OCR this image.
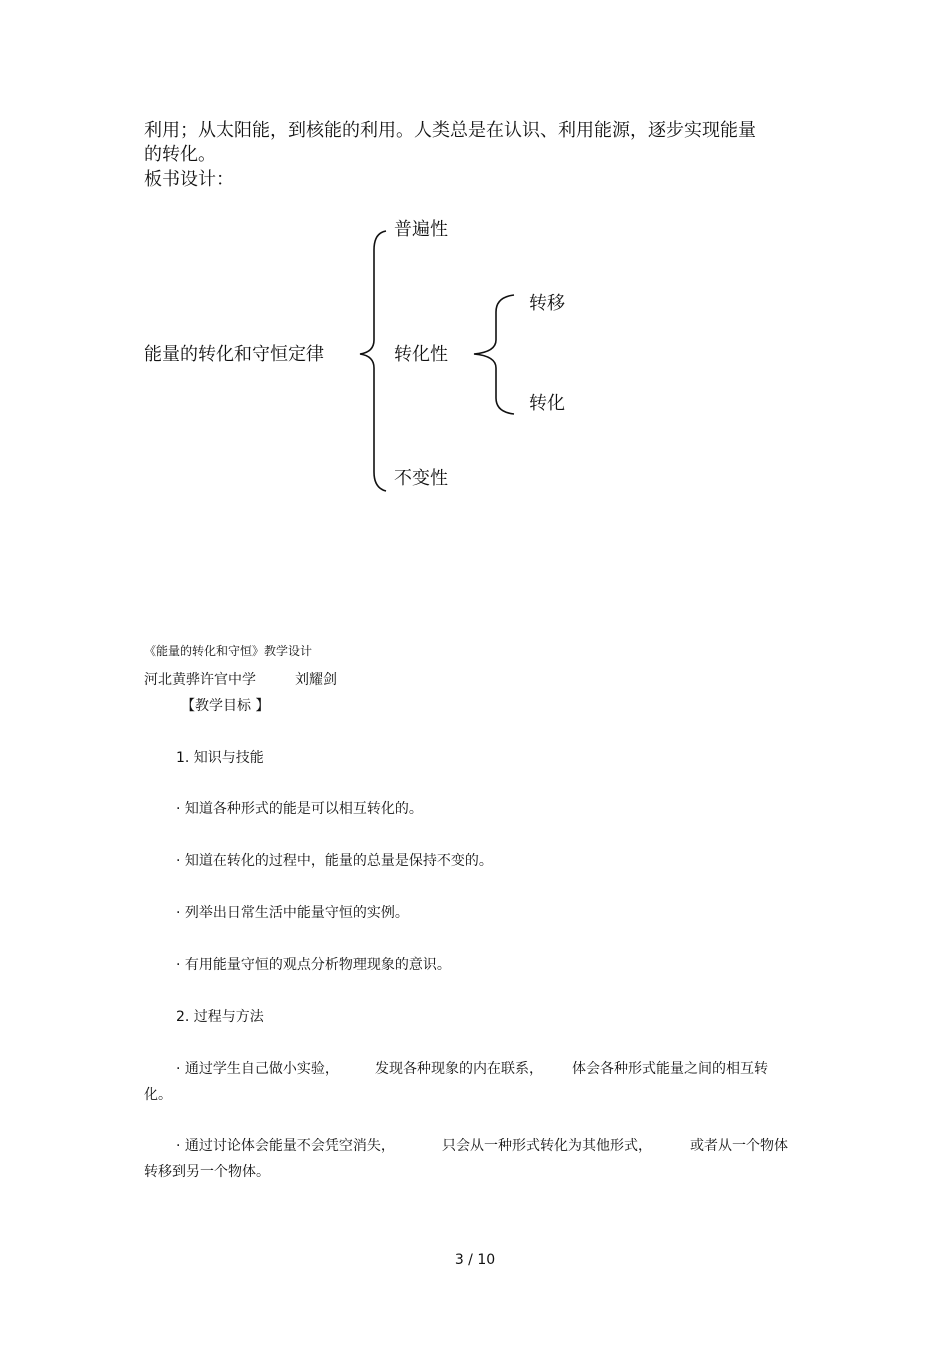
利用；从太阳能，到核能的利用。人类总是在认识、利用能源，逐步实现能量
的转化。
板书设计：
能量的转化和守恒定律
普遍性
转化性
不变性
转移
转化
《能量的转化和守恒》教学设计
河北黄骅许官中学	刘耀剑
【教学目标 】
1. 知识与技能
· 知道各种形式的能是可以相互转化的。
· 知道在转化的过程中，能量的总量是保持不变的。
· 列举出日常生活中能量守恒的实例。
· 有用能量守恒的观点分析物理现象的意识。
2. 过程与方法
· 通过学生自己做小实验，	发现各种现象的内在联系， 体会各种形式能量之间的相互转
化。
· 通过讨论体会能量不会凭空消失，	只会从一种形式转化为其他形式，	或者从一个物体
转移到另一个物体。
3 / 10
